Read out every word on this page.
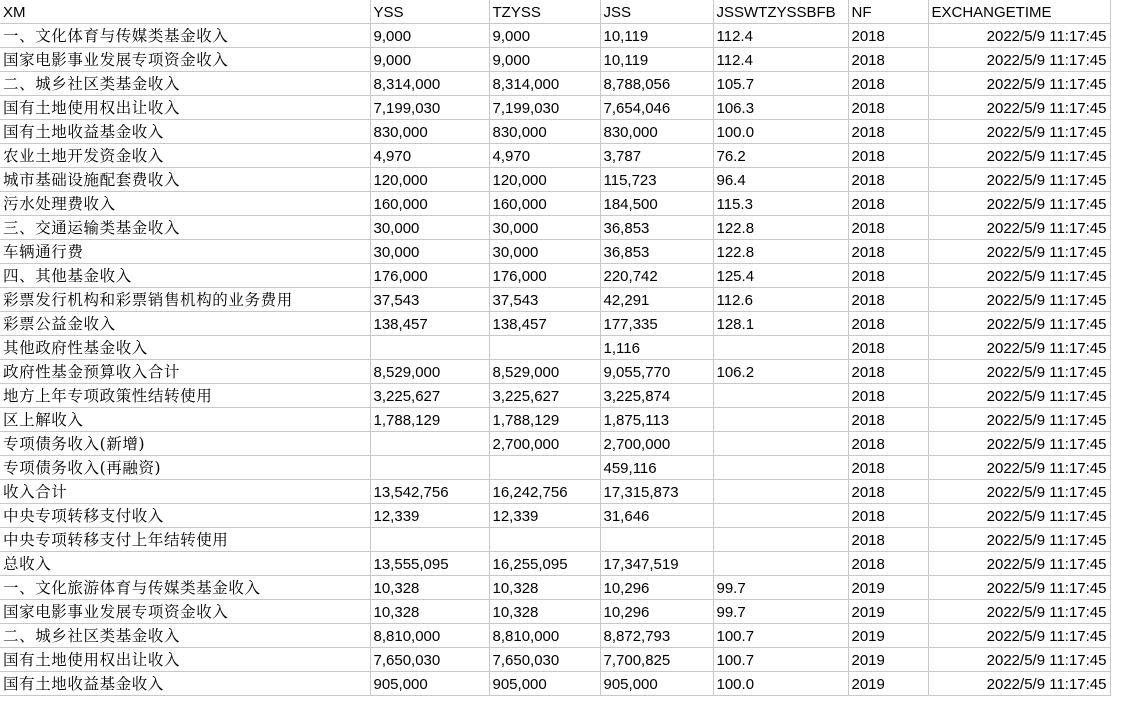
XM	YSS	TZYSS	JSS	JSSWTZYSSBFB	NF	EXCHANGETIME
一、文化体育与传媒类基金收入	9,000	9,000	10,119	112.4	2018	2022/5/9 11:17:45
国家电影事业发展专项资金收入	9,000	9,000	10,119	112.4	2018	2022/5/9 11:17:45
二、城乡社区类基金收入	8,314,000	8,314,000	8,788,056	105.7	2018	2022/5/9 11:17:45
国有土地使用权出让收入	7,199,030	7,199,030	7,654,046	106.3	2018	2022/5/9 11:17:45
国有土地收益基金收入	830,000	830,000	830,000	100.0	2018	2022/5/9 11:17:45
农业土地开发资金收入	4,970	4,970	3,787	76.2	2018	2022/5/9 11:17:45
城市基础设施配套费收入	120,000	120,000	115,723	96.4	2018	2022/5/9 11:17:45
污水处理费收入	160,000	160,000	184,500	115.3	2018	2022/5/9 11:17:45
三、交通运输类基金收入	30,000	30,000	36,853	122.8	2018	2022/5/9 11:17:45
车辆通行费	30,000	30,000	36,853	122.8	2018	2022/5/9 11:17:45
四、其他基金收入	176,000	176,000	220,742	125.4	2018	2022/5/9 11:17:45
彩票发行机构和彩票销售机构的业务费用	37,543	37,543	42,291	112.6	2018	2022/5/9 11:17:45
彩票公益金收入	138,457	138,457	177,335	128.1	2018	2022/5/9 11:17:45
其他政府性基金收入			1,116		2018	2022/5/9 11:17:45
政府性基金预算收入合计	8,529,000	8,529,000	9,055,770	106.2	2018	2022/5/9 11:17:45
地方上年专项政策性结转使用	3,225,627	3,225,627	3,225,874		2018	2022/5/9 11:17:45
区上解收入	1,788,129	1,788,129	1,875,113		2018	2022/5/9 11:17:45
专项债务收入(新增)		2,700,000	2,700,000		2018	2022/5/9 11:17:45
专项债务收入(再融资)			459,116		2018	2022/5/9 11:17:45
收入合计	13,542,756	16,242,756	17,315,873		2018	2022/5/9 11:17:45
中央专项转移支付收入	12,339	12,339	31,646		2018	2022/5/9 11:17:45
中央专项转移支付上年结转使用					2018	2022/5/9 11:17:45
总收入	13,555,095	16,255,095	17,347,519		2018	2022/5/9 11:17:45
一、文化旅游体育与传媒类基金收入	10,328	10,328	10,296	99.7	2019	2022/5/9 11:17:45
国家电影事业发展专项资金收入	10,328	10,328	10,296	99.7	2019	2022/5/9 11:17:45
二、城乡社区类基金收入	8,810,000	8,810,000	8,872,793	100.7	2019	2022/5/9 11:17:45
国有土地使用权出让收入	7,650,030	7,650,030	7,700,825	100.7	2019	2022/5/9 11:17:45
国有土地收益基金收入	905,000	905,000	905,000	100.0	2019	2022/5/9 11:17:45
